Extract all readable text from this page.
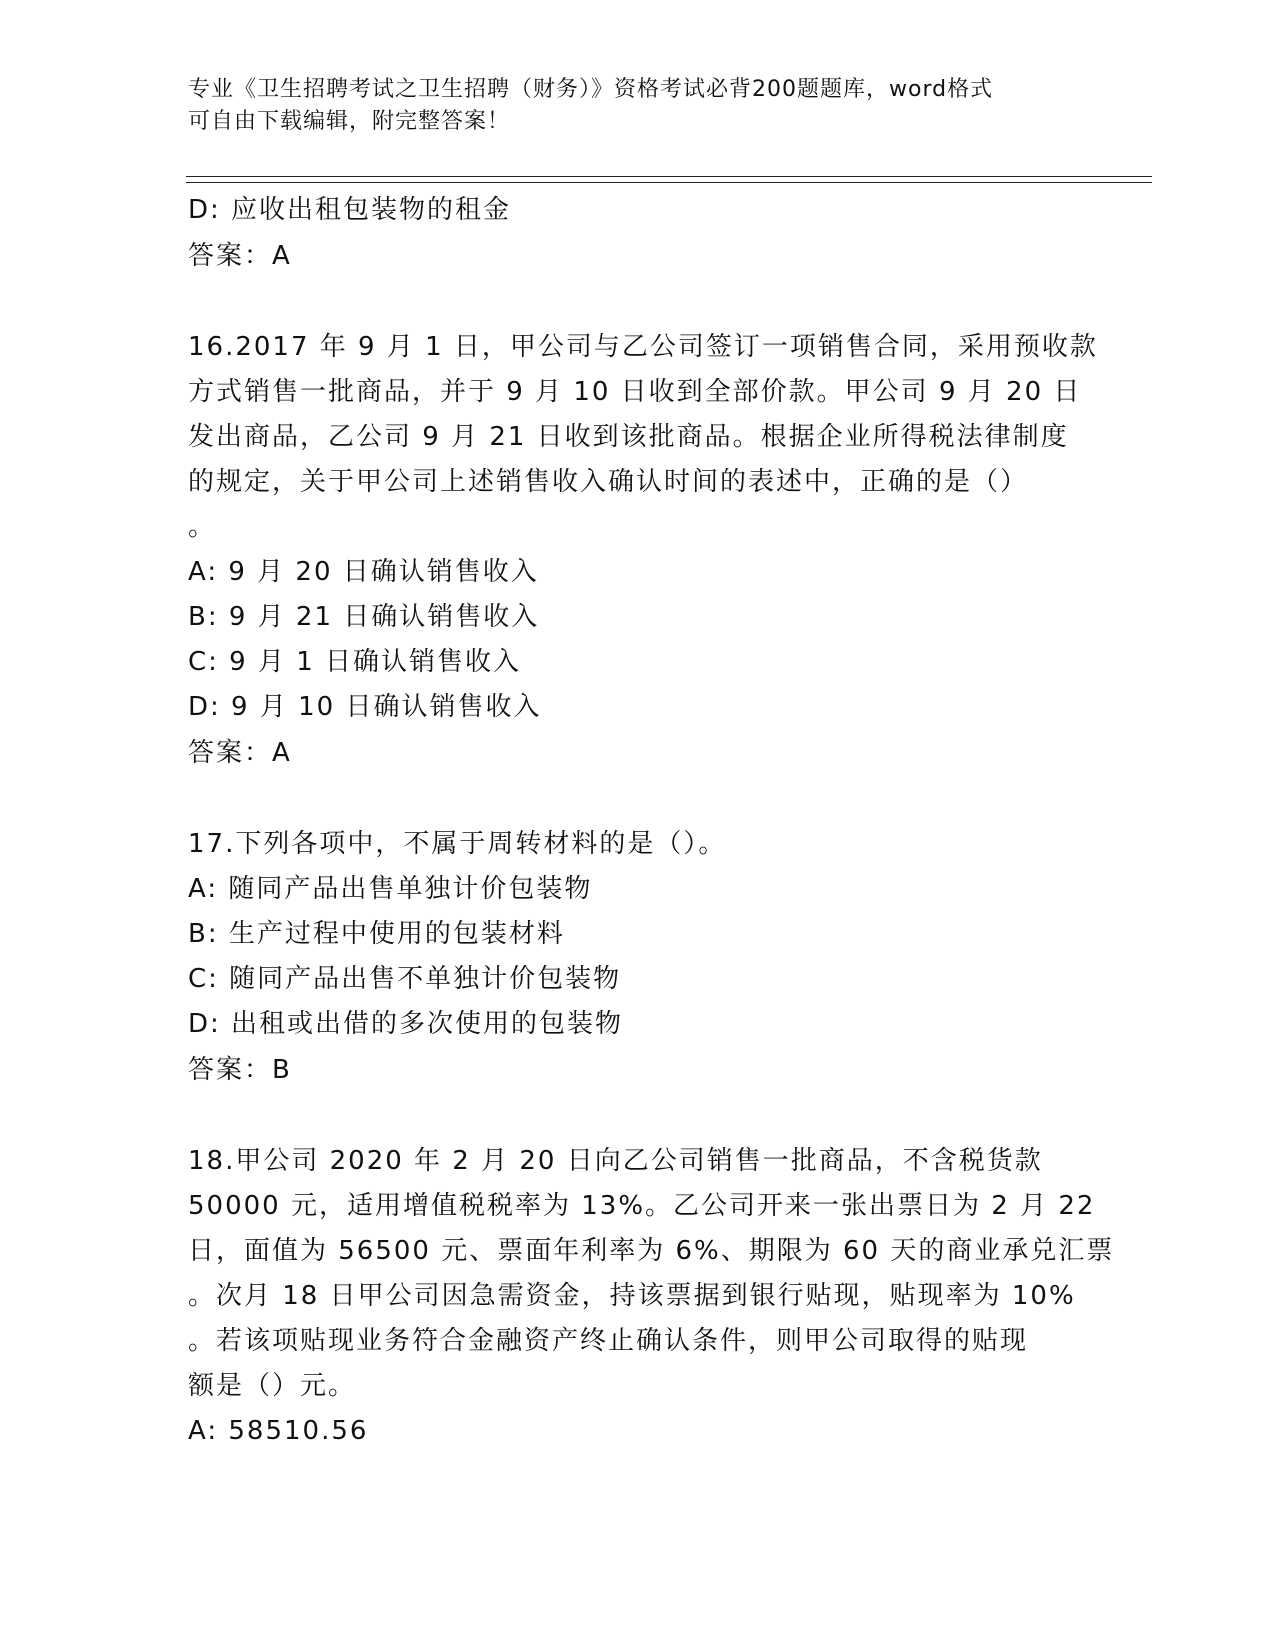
专业《卫生招聘考试之卫生招聘（财务）》资格考试必背200题题库，word格式
可自由下载编辑，附完整答案！
D: 应收出租包装物的租金
答案：A
16.2017 年 9 月 1 日，甲公司与乙公司签订一项销售合同，采用预收款
方式销售一批商品，并于 9 月 10 日收到全部价款。甲公司 9 月 20 日
发出商品，乙公司 9 月 21 日收到该批商品。根据企业所得税法律制度
的规定，关于甲公司上述销售收入确认时间的表述中，正确的是（）
。
A: 9 月 20 日确认销售收入
B: 9 月 21 日确认销售收入
C: 9 月 1 日确认销售收入
D: 9 月 10 日确认销售收入
答案：A
17.下列各项中，不属于周转材料的是（）。
A: 随同产品出售单独计价包装物
B: 生产过程中使用的包装材料
C: 随同产品出售不单独计价包装物
D: 出租或出借的多次使用的包装物
答案：B
18.甲公司 2020 年 2 月 20 日向乙公司销售一批商品，不含税货款
50000 元，适用增值税税率为 13%。乙公司开来一张出票日为 2 月 22
日，面值为 56500 元、票面年利率为 6%、期限为 60 天的商业承兑汇票
。次月 18 日甲公司因急需资金，持该票据到银行贴现，贴现率为 10%
。若该项贴现业务符合金融资产终止确认条件，则甲公司取得的贴现
额是（）元。
A: 58510.56
